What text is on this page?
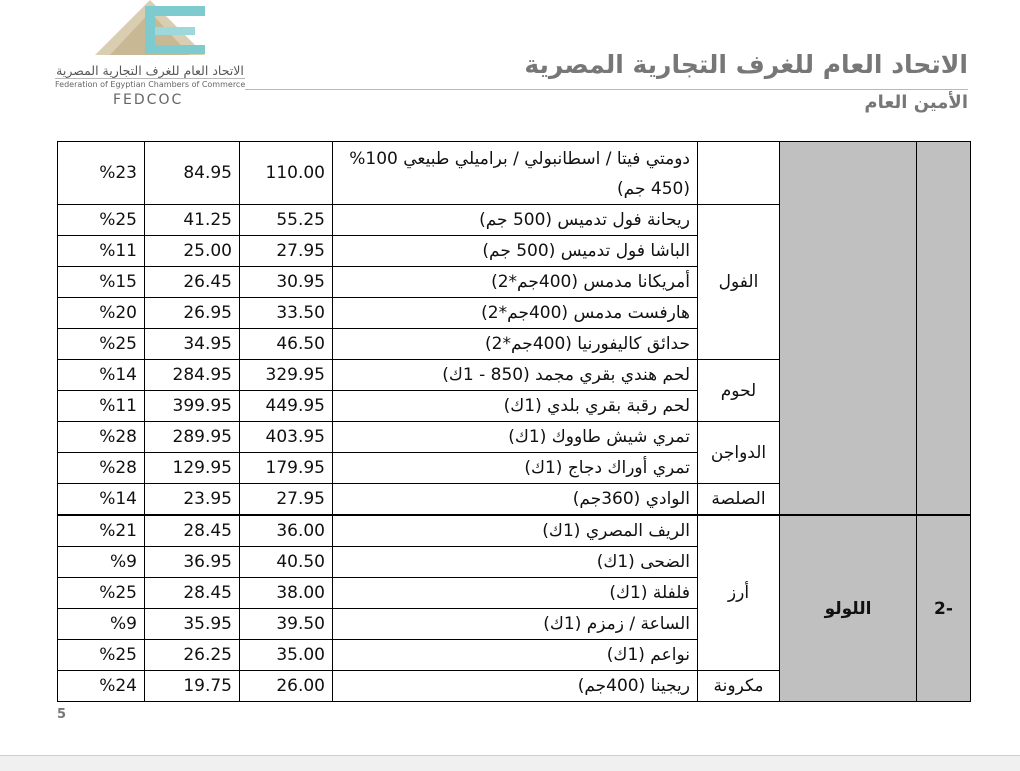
الاتحاد العام للغرف التجارية المصرية
Federation of Egyptian Chambers of Commerce
FEDCOC
الاتحاد العام للغرف التجارية المصرية
الأمين العام
			دومتي فيتا / اسطانبولي / براميلي طبيعي 100% (450 جم)	110.00	84.95	%23
		الفول	ريحانة فول تدميس (500 جم)	55.25	41.25	%25
			الباشا فول تدميس (500 جم)	27.95	25.00	%11
			أمريكانا مدمس (400جم*2)	30.95	26.45	%15
			هارفست مدمس (400جم*2)	33.50	26.95	%20
			حدائق كاليفورنيا (400جم*2)	46.50	34.95	%25
		لحوم	لحم هندي بقري مجمد (850 - 1ك)	329.95	284.95	%14
			لحم رقبة بقري بلدي (1ك)	449.95	399.95	%11
		الدواجن	تمري شيش طاووك (1ك)	403.95	289.95	%28
			تمري أوراك دجاج (1ك)	179.95	129.95	%28
		الصلصة	الوادي (360جم)	27.95	23.95	%14
-2	اللولو	أرز	الريف المصري (1ك)	36.00	28.45	%21
			الضحى (1ك)	40.50	36.95	%9
			فلفلة (1ك)	38.00	28.45	%25
			الساعة / زمزم (1ك)	39.50	35.95	%9
			نواعم (1ك)	35.00	26.25	%25
		مكرونة	ريجينا (400جم)	26.00	19.75	%24
5
